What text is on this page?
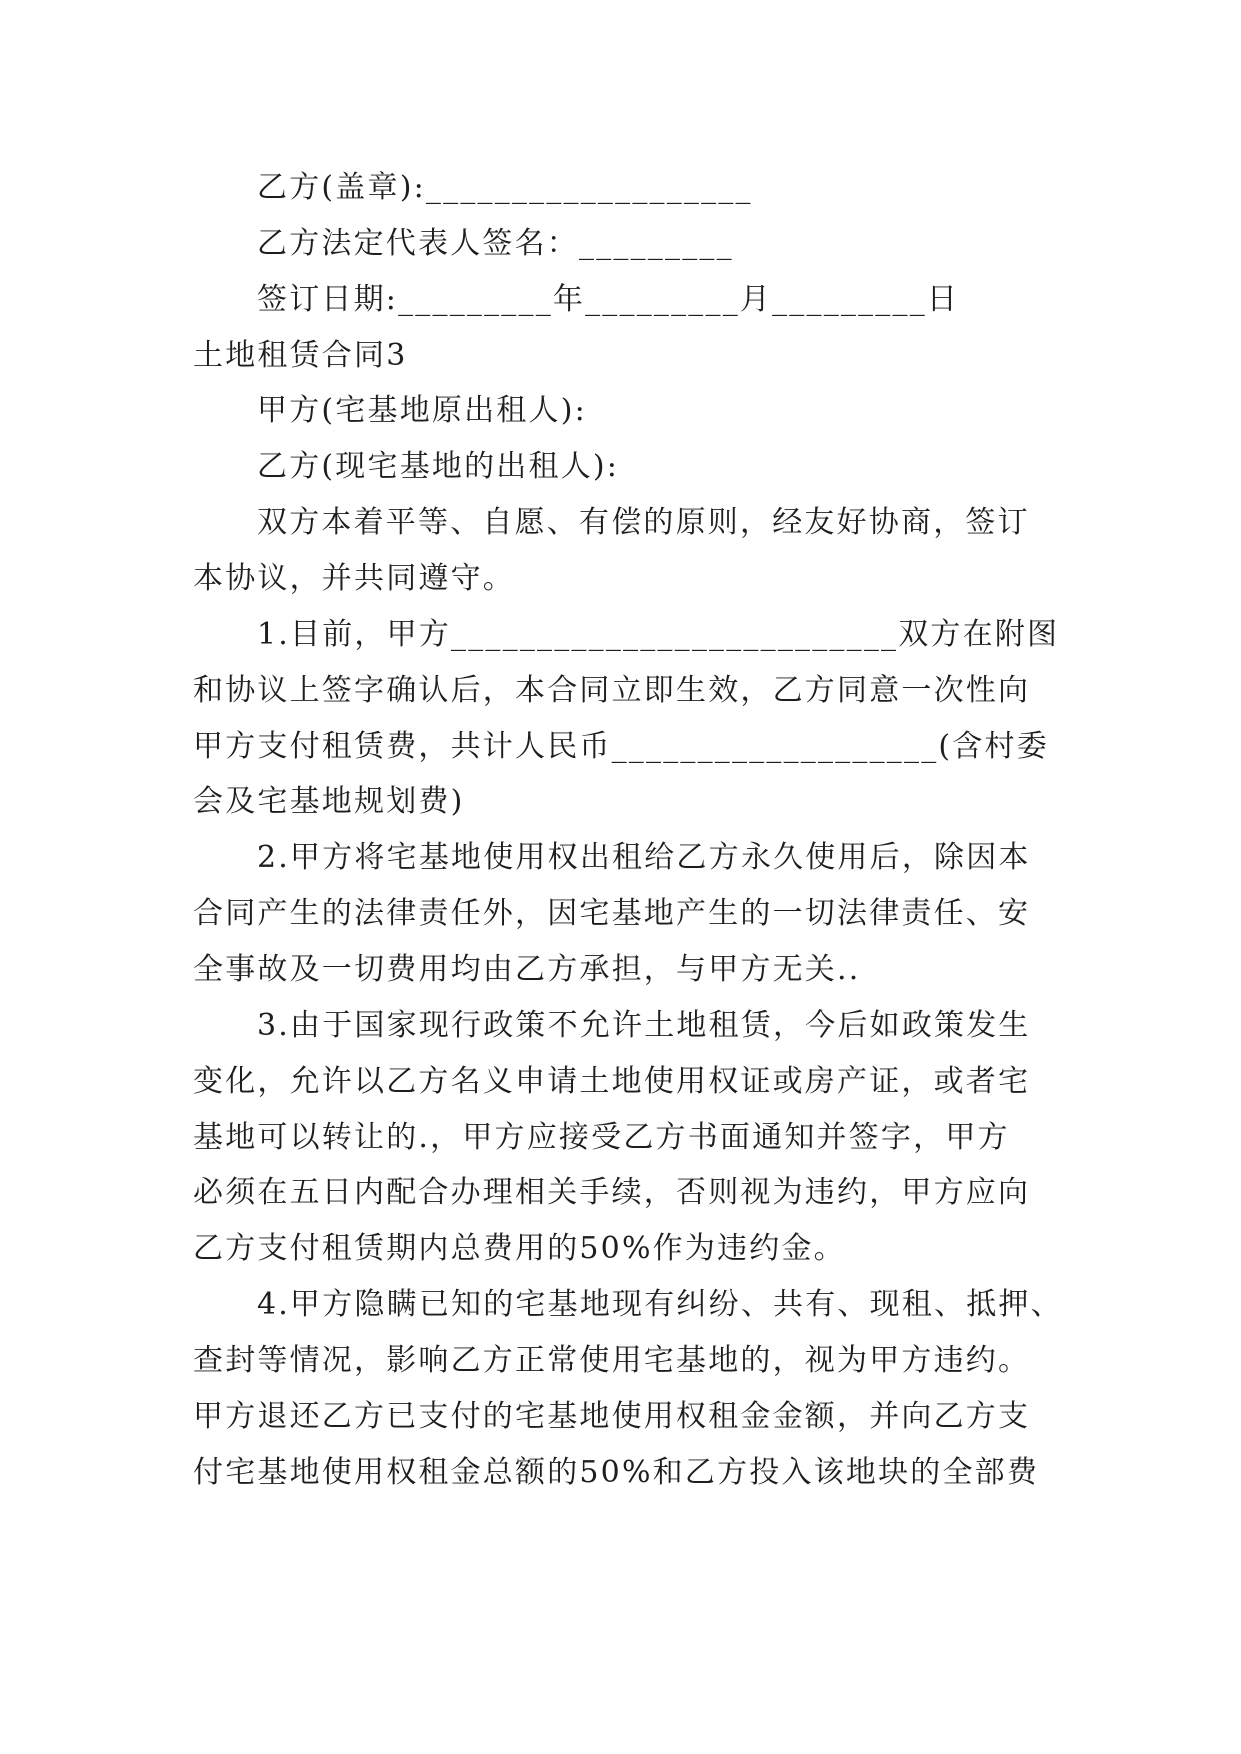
乙方(盖章):___________________

乙方法定代表人签名：_________

签订日期:_________年_________月_________日

土地租赁合同3

甲方(宅基地原出租人):

乙方(现宅基地的出租人):

双方本着平等、自愿、有偿的原则，经友好协商，签订

本协议，并共同遵守。

1.目前，甲方__________________________双方在附图

和协议上签字确认后，本合同立即生效，乙方同意一次性向

甲方支付租赁费，共计人民币___________________(含村委

会及宅基地规划费)

2.甲方将宅基地使用权出租给乙方永久使用后，除因本

合同产生的法律责任外，因宅基地产生的一切法律责任、安

全事故及一切费用均由乙方承担，与甲方无关..

3.由于国家现行政策不允许土地租赁，今后如政策发生

变化，允许以乙方名义申请土地使用权证或房产证，或者宅

基地可以转让的.，甲方应接受乙方书面通知并签字，甲方

必须在五日内配合办理相关手续，否则视为违约，甲方应向

乙方支付租赁期内总费用的50%作为违约金。

4.甲方隐瞒已知的宅基地现有纠纷、共有、现租、抵押、

查封等情况，影响乙方正常使用宅基地的，视为甲方违约。

甲方退还乙方已支付的宅基地使用权租金金额，并向乙方支

付宅基地使用权租金总额的50%和乙方投入该地块的全部费
